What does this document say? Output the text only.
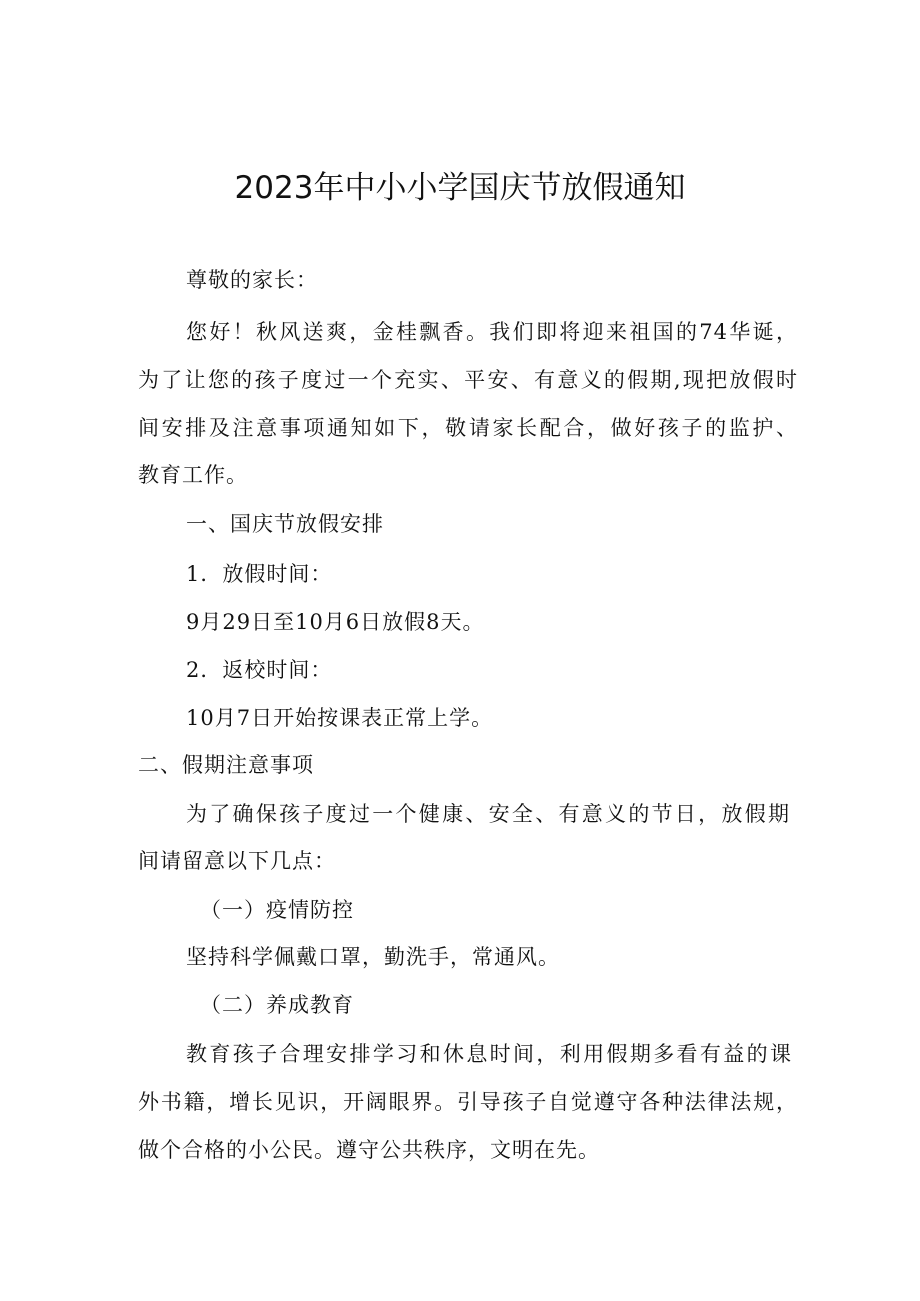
2023年中小小学国庆节放假通知
尊敬的家长：
您好！秋风送爽，金桂飘香。我们即将迎来祖国的74华诞，
为了让您的孩子度过一个充实、平安、有意义的假期,现把放假时
间安排及注意事项通知如下，敬请家长配合，做好孩子的监护、
教育工作。
一、国庆节放假安排
1．放假时间：
9月29日至10月6日放假8天。
2．返校时间：
10月7日开始按课表正常上学。
二、假期注意事项
为了确保孩子度过一个健康、安全、有意义的节日，放假期
间请留意以下几点：
（一）疫情防控
坚持科学佩戴口罩，勤洗手，常通风。
（二）养成教育
教育孩子合理安排学习和休息时间，利用假期多看有益的课
外书籍，增长见识，开阔眼界。引导孩子自觉遵守各种法律法规，
做个合格的小公民。遵守公共秩序，文明在先。
